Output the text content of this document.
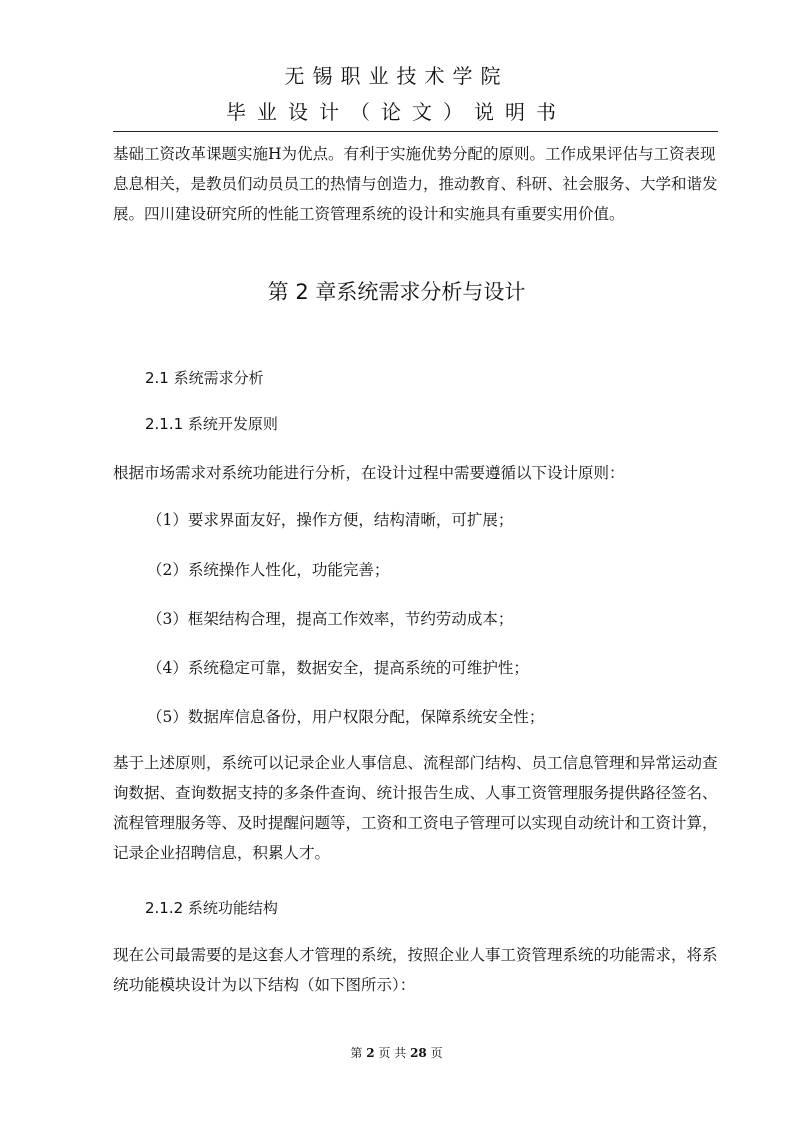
无锡职业技术学院
毕业设计（论文）说明书
基础工资改革课题实施H为优点。有利于实施优势分配的原则。工作成果评估与工资表现息息相关，是教员们动员员工的热情与创造力，推动教育、科研、社会服务、大学和谐发展。四川建设研究所的性能工资管理系统的设计和实施具有重要实用价值。
第 2 章系统需求分析与设计
2.1 系统需求分析
2.1.1 系统开发原则
根据市场需求对系统功能进行分析，在设计过程中需要遵循以下设计原则：
（1）要求界面友好，操作方便，结构清晰，可扩展；
（2）系统操作人性化，功能完善；
（3）框架结构合理，提高工作效率，节约劳动成本；
（4）系统稳定可靠，数据安全，提高系统的可维护性；
（5）数据库信息备份，用户权限分配，保障系统安全性；
基于上述原则，系统可以记录企业人事信息、流程部门结构、员工信息管理和异常运动查询数据、查询数据支持的多条件查询、统计报告生成、人事工资管理服务提供路径签名、流程管理服务等、及时提醒问题等，工资和工资电子管理可以实现自动统计和工资计算，记录企业招聘信息，积累人才。
2.1.2 系统功能结构
现在公司最需要的是这套人才管理的系统，按照企业人事工资管理系统的功能需求，将系统功能模块设计为以下结构（如下图所示）：
第 2 页 共 28 页
